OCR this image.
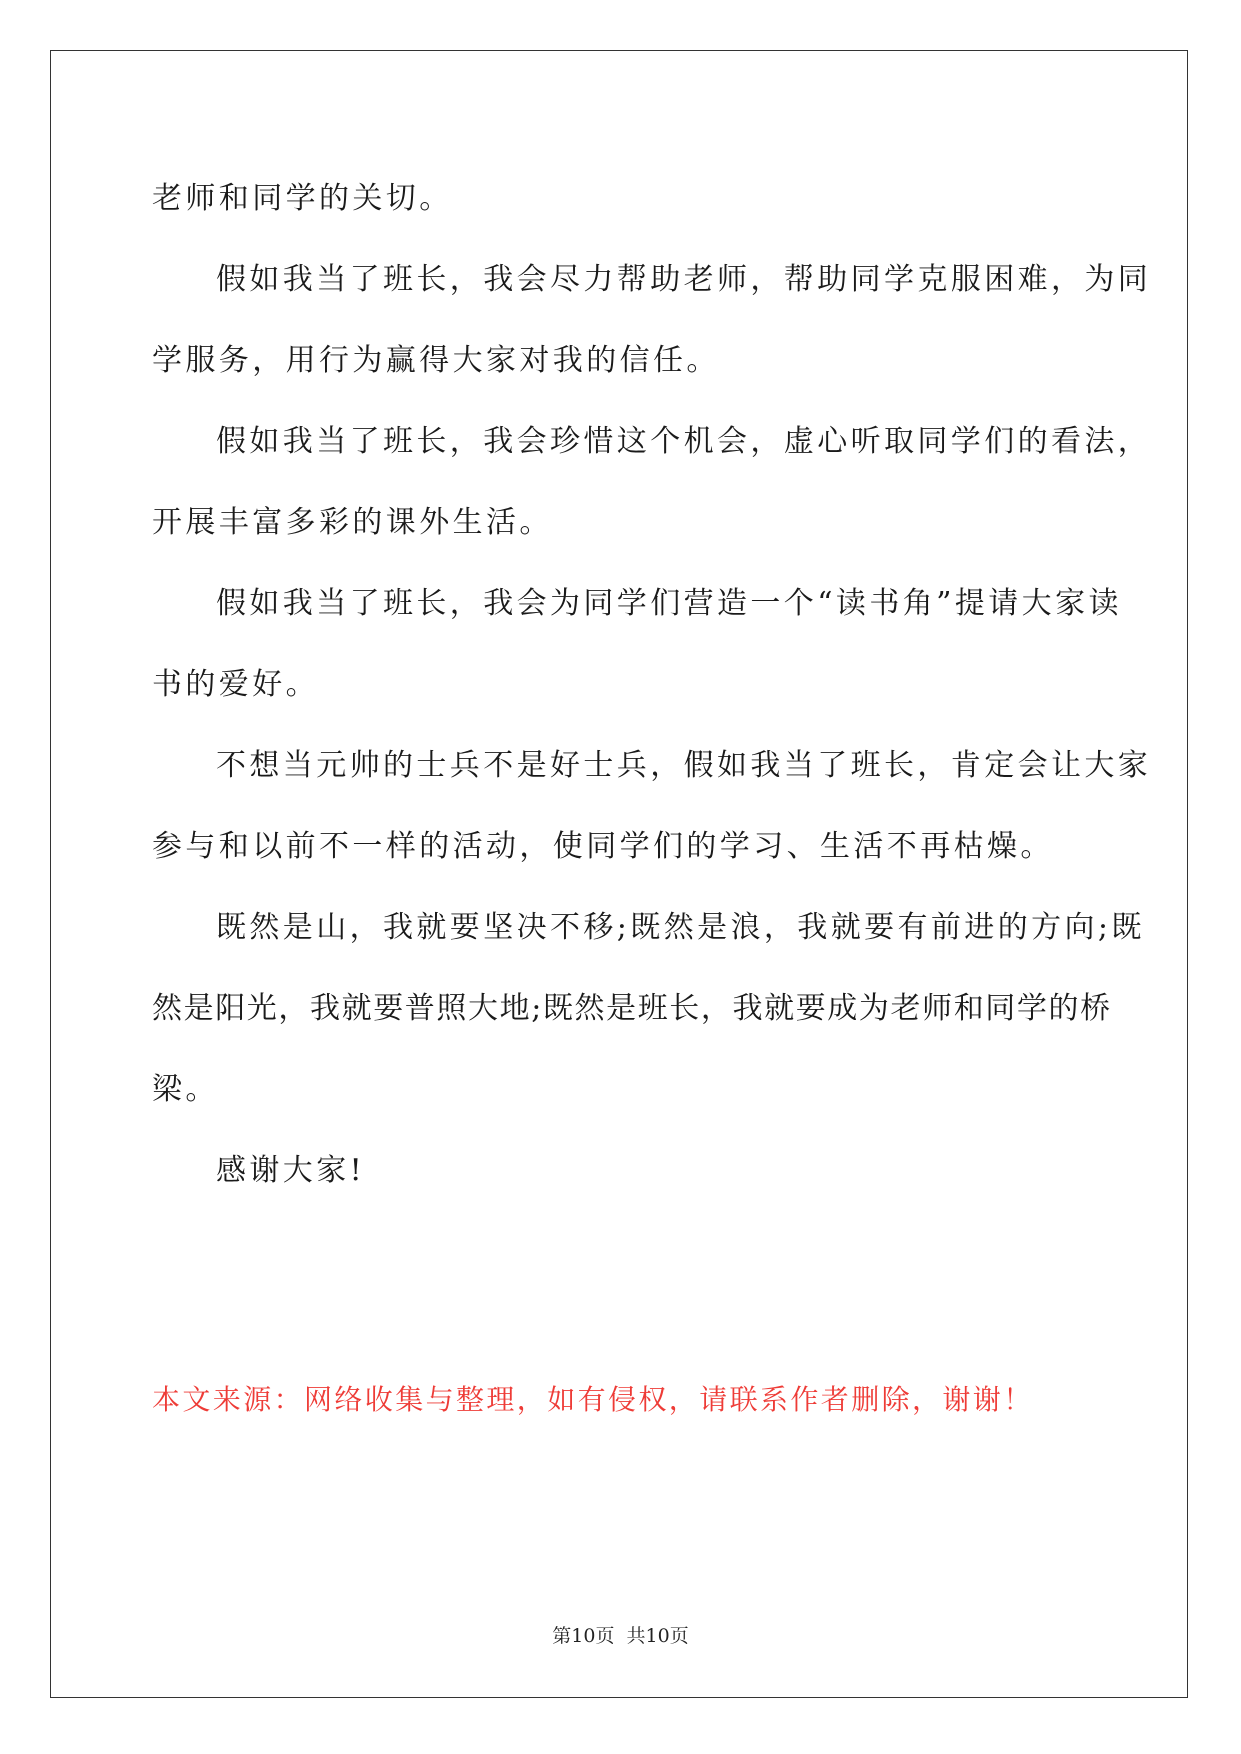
老师和同学的关切。
假如我当了班长，我会尽力帮助老师，帮助同学克服困难，为同
学服务，用行为赢得大家对我的信任。
假如我当了班长，我会珍惜这个机会，虚心听取同学们的看法，
开展丰富多彩的课外生活。
假如我当了班长，我会为同学们营造一个“读书角”提请大家读
书的爱好。
不想当元帅的士兵不是好士兵，假如我当了班长，肯定会让大家
参与和以前不一样的活动，使同学们的学习、生活不再枯燥。
既然是山，我就要坚决不移;既然是浪，我就要有前进的方向;既
然是阳光，我就要普照大地;既然是班长，我就要成为老师和同学的桥
梁。
感谢大家!
本文来源：网络收集与整理，如有侵权，请联系作者删除，谢谢！
第10页 共10页
